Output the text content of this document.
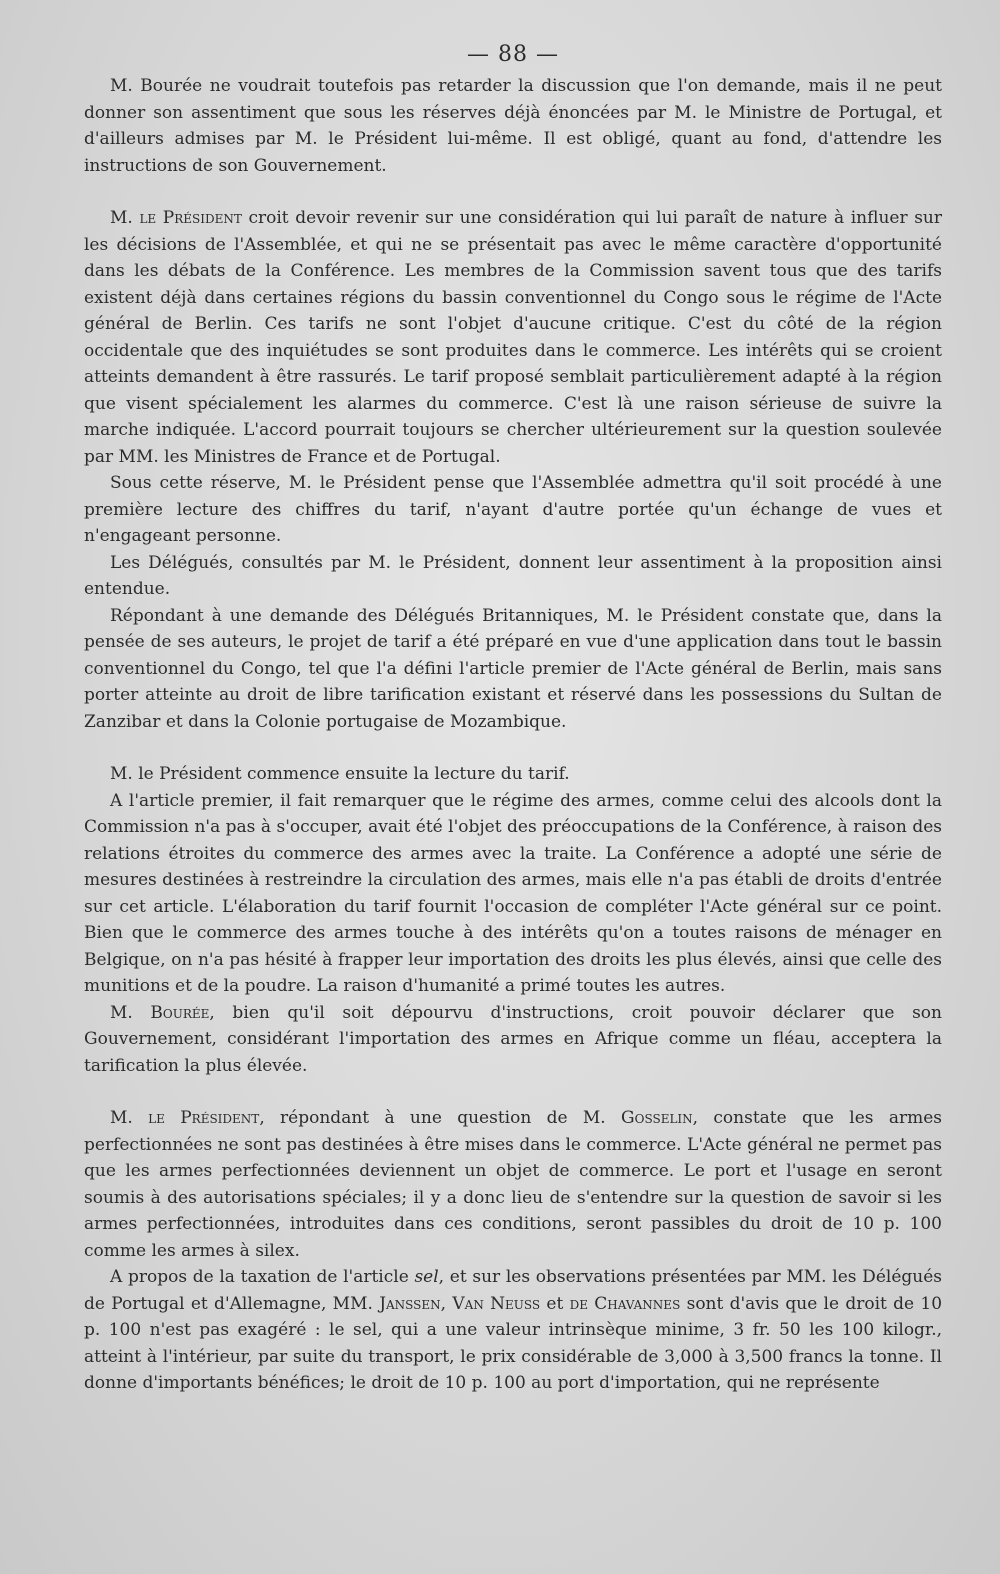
— 88 —

M. Bourée ne voudrait toutefois pas retarder la discussion que l'on demande, mais il ne peut donner son assentiment que sous les réserves déjà énoncées par M. le Ministre de Portugal, et d'ailleurs admises par M. le Président lui-même. Il est obligé, quant au fond, d'attendre les instructions de son Gouvernement.

M. le Président croit devoir revenir sur une considération qui lui paraît de nature à influer sur les décisions de l'Assemblée, et qui ne se présentait pas avec le même caractère d'opportunité dans les débats de la Conférence. Les membres de la Commission savent tous que des tarifs existent déjà dans certaines régions du bassin conventionnel du Congo sous le régime de l'Acte général de Berlin. Ces tarifs ne sont l'objet d'aucune critique. C'est du côté de la région occidentale que des inquiétudes se sont produites dans le commerce. Les intérêts qui se croient atteints demandent à être rassurés. Le tarif proposé semblait particulièrement adapté à la région que visent spécialement les alarmes du commerce. C'est là une raison sérieuse de suivre la marche indiquée. L'accord pourrait toujours se chercher ultérieurement sur la question soulevée par MM. les Ministres de France et de Portugal.

Sous cette réserve, M. le Président pense que l'Assemblée admettra qu'il soit procédé à une première lecture des chiffres du tarif, n'ayant d'autre portée qu'un échange de vues et n'engageant personne.

Les Délégués, consultés par M. le Président, donnent leur assentiment à la proposition ainsi entendue.

Répondant à une demande des Délégués Britanniques, M. le Président constate que, dans la pensée de ses auteurs, le projet de tarif a été préparé en vue d'une application dans tout le bassin conventionnel du Congo, tel que l'a défini l'article premier de l'Acte général de Berlin, mais sans porter atteinte au droit de libre tarification existant et réservé dans les possessions du Sultan de Zanzibar et dans la Colonie portugaise de Mozambique.

M. le Président commence ensuite la lecture du tarif.

A l'article premier, il fait remarquer que le régime des armes, comme celui des alcools dont la Commission n'a pas à s'occuper, avait été l'objet des préoccupations de la Conférence, à raison des relations étroites du commerce des armes avec la traite. La Conférence a adopté une série de mesures destinées à restreindre la circulation des armes, mais elle n'a pas établi de droits d'entrée sur cet article. L'élaboration du tarif fournit l'occasion de compléter l'Acte général sur ce point. Bien que le commerce des armes touche à des intérêts qu'on a toutes raisons de ménager en Belgique, on n'a pas hésité à frapper leur importation des droits les plus élevés, ainsi que celle des munitions et de la poudre. La raison d'humanité a primé toutes les autres.

M. Bourée, bien qu'il soit dépourvu d'instructions, croit pouvoir déclarer que son Gouvernement, considérant l'importation des armes en Afrique comme un fléau, acceptera la tarification la plus élevée.

M. le Président, répondant à une question de M. Gosselin, constate que les armes perfectionnées ne sont pas destinées à être mises dans le commerce. L'Acte général ne permet pas que les armes perfectionnées deviennent un objet de commerce. Le port et l'usage en seront soumis à des autorisations spéciales; il y a donc lieu de s'entendre sur la question de savoir si les armes perfectionnées, introduites dans ces conditions, seront passibles du droit de 10 p. 100 comme les armes à silex.

A propos de la taxation de l'article sel, et sur les observations présentées par MM. les Délégués de Portugal et d'Allemagne, MM. Janssen, Van Neuss et de Chavannes sont d'avis que le droit de 10 p. 100 n'est pas exagéré : le sel, qui a une valeur intrinsèque minime, 3 fr. 50 les 100 kilogr., atteint à l'intérieur, par suite du transport, le prix considérable de 3,000 à 3,500 francs la tonne. Il donne d'importants bénéfices; le droit de 10 p. 100 au port d'importation, qui ne représente
